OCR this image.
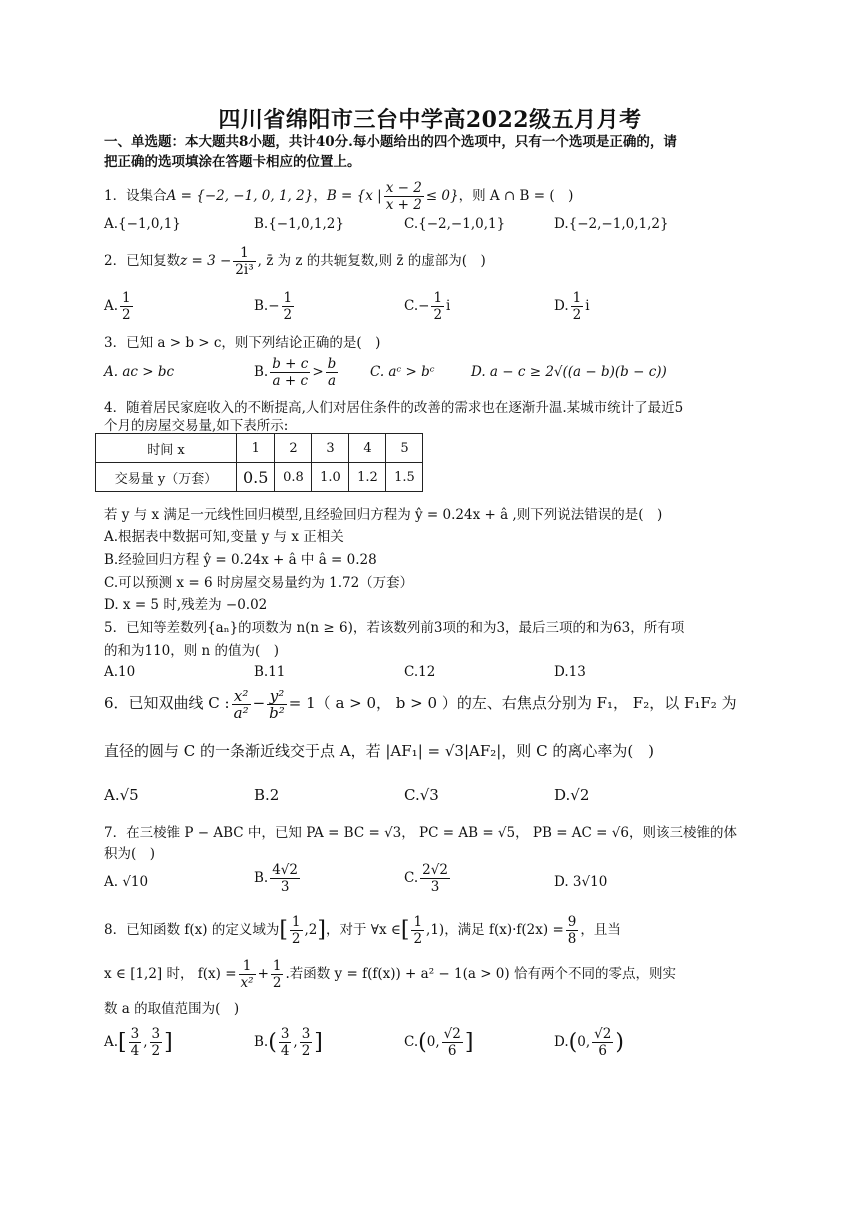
四川省绵阳市三台中学高2022级五月月考
一、单选题：本大题共8小题，共计40分.每小题给出的四个选项中，只有一个选项是正确的，请
把正确的选项填涂在答题卡相应的位置上。
1．设集合A = {−2, −1, 0, 1, 2}，B = {x | $\frac{x - 2}{x + 2} \le 0$}，则 A ∩ B = (　)
A.{−1,0,1}	B.{−1,0,1,2}	C.{−2,−1,0,1}	D.{−2,−1,0,1,2}
2．已知复数$z = 3 - \frac{1}{\text{2i³}}$ , z̄ 为 z 的共轭复数,则 z̄ 的虚部为(　)
A. $\frac{1}{2}$	$B.- \frac{1}{2}$	$C.- \frac{1}{2}$ i	D. $\frac{1}{2}$ i
3．已知 a > b > c，则下列结论正确的是(　)
A. ac > bc	B. $\frac{b + c}{a + c} > \frac{b}{a} C$. aᶜ > bᶜ	D. a − c ≥ 2√((a − b)(b − c))
4．随着居民家庭收入的不断提高,人们对居住条件的改善的需求也在逐渐升温.某城市统计了最近5
个月的房屋交易量,如下表所示:
时间 x	1	2	3	4	5
交易量 y（万套）	0.5	0.8	1.0	1.2	1.5
若 y 与 x 满足一元线性回归模型,且经验回归方程为 ŷ = 0.24x + â ,则下列说法错误的是(　)
A.根据表中数据可知,变量 y 与 x 正相关
B.经验回归方程 ŷ = 0.24x + â 中 â = 0.28
C.可以预测 x = 6 时房屋交易量约为 1.72（万套）
D. x = 5 时,残差为 −0.02
5．已知等差数列{aₙ}的项数为 n(n ≥ 6)，若该数列前3项的和为3，最后三项的和为63，所有项
的和为110，则 n 的值为(　)
A.10	B.11	C.12	D.13
6．已知双曲线 C : $\frac{\text{x²}}{\text{a²}} - \frac{\text{y²}}{\text{b²}} = 1$（ a > 0， b > 0 ）的左、右焦点分别为 F₁， F₂，以 F₁F₂ 为
直径的圆与 C 的一条渐近线交于点 A，若 |AF₁| = √3|AF₂|，则 C 的离心率为(　)
A.√5	B.2	C.√3	D.√2
7．在三棱锥 P − ABC 中，已知 PA = BC = √3， PC = AB = √5， PB = AC = √6，则该三棱锥的体
积为(　)
A. √10	B. $\frac{4√2}{3}$	C. $\frac{2√2}{3}$	D. 3√10
8．已知函数 f(x) 的定义域为[ $\frac{1}{2} ,2$]，对于 ∀x ∈[ $\frac{1}{2} ,1$)，满足 $f(x)\cdot f(2x) = \frac{9}{8}$ ，且当
x ∈ [1,2] 时， $f(x) = \frac{1}{\text{x²}} + \frac{1}{2}$ .若函数 y = f(f(x)) + a² − 1(a > 0) 恰有两个不同的零点，则实
数 a 的取值范围为(　)
$A.[ \frac{3}{4}$ , $\frac{3}{2}$ ]	$B.( \frac{3}{4}$ , $\frac{3}{2}$ ]	C.(0, $\frac{√2}{6}$ ]	D.(0, $\frac{√2}{6}$ )
